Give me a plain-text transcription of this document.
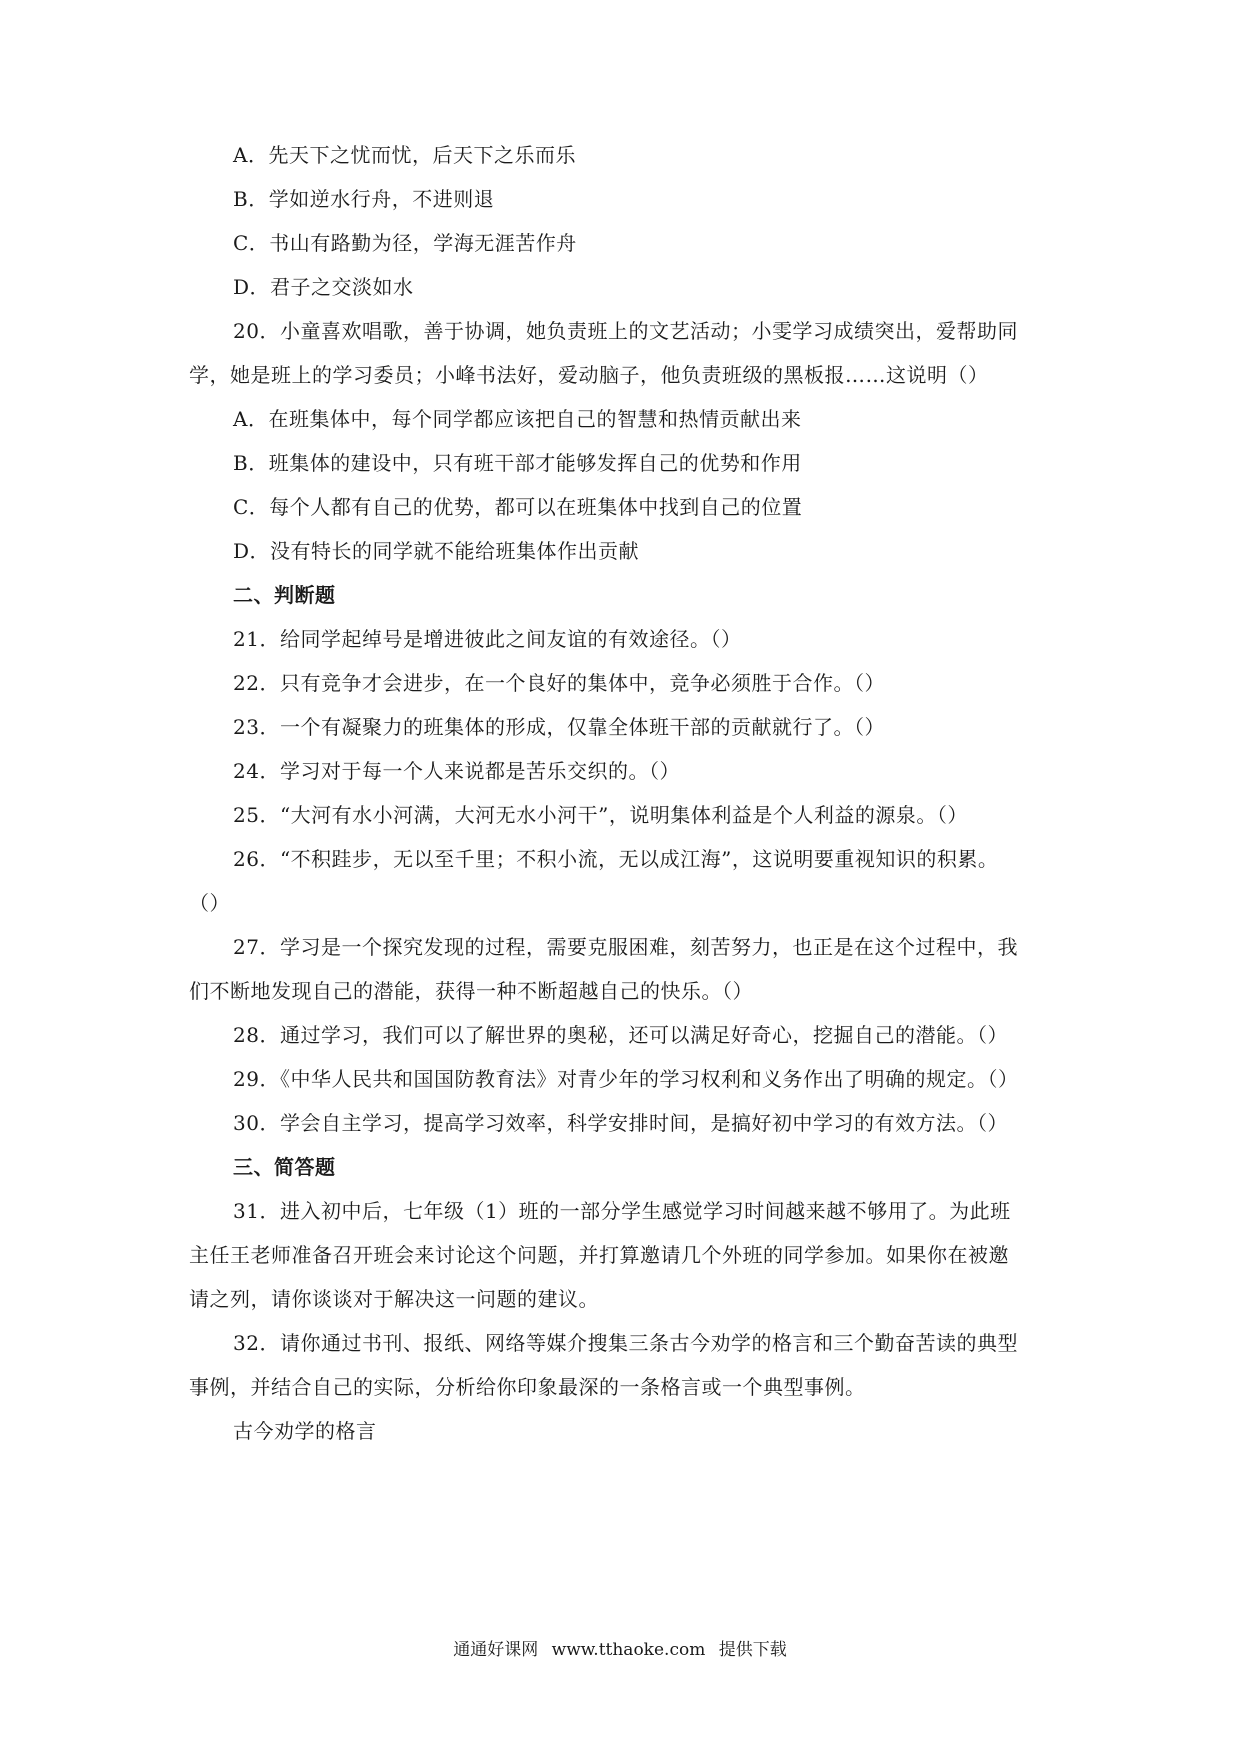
A．先天下之忧而忧，后天下之乐而乐
B．学如逆水行舟，不进则退
C．书山有路勤为径，学海无涯苦作舟
D．君子之交淡如水
20．小童喜欢唱歌，善于协调，她负责班上的文艺活动；小雯学习成绩突出，爱帮助同
学，她是班上的学习委员；小峰书法好，爱动脑子，他负责班级的黑板报……这说明（）
A．在班集体中，每个同学都应该把自己的智慧和热情贡献出来
B．班集体的建设中，只有班干部才能够发挥自己的优势和作用
C．每个人都有自己的优势，都可以在班集体中找到自己的位置
D．没有特长的同学就不能给班集体作出贡献
二、判断题
21．给同学起绰号是增进彼此之间友谊的有效途径。（）
22．只有竞争才会进步，在一个良好的集体中，竞争必须胜于合作。（）
23．一个有凝聚力的班集体的形成，仅靠全体班干部的贡献就行了。（）
24．学习对于每一个人来说都是苦乐交织的。（）
25．“大河有水小河满，大河无水小河干”，说明集体利益是个人利益的源泉。（）
26．“不积跬步，无以至千里；不积小流，无以成江海”，这说明要重视知识的积累。
（）
27．学习是一个探究发现的过程，需要克服困难，刻苦努力，也正是在这个过程中，我
们不断地发现自己的潜能，获得一种不断超越自己的快乐。（）
28．通过学习，我们可以了解世界的奥秘，还可以满足好奇心，挖掘自己的潜能。（）
29．《中华人民共和国国防教育法》对青少年的学习权利和义务作出了明确的规定。（）
30．学会自主学习，提高学习效率，科学安排时间，是搞好初中学习的有效方法。（）
三、简答题
31．进入初中后，七年级（1）班的一部分学生感觉学习时间越来越不够用了。为此班
主任王老师准备召开班会来讨论这个问题，并打算邀请几个外班的同学参加。如果你在被邀
请之列，请你谈谈对于解决这一问题的建议。
32．请你通过书刊、报纸、网络等媒介搜集三条古今劝学的格言和三个勤奋苦读的典型
事例，并结合自己的实际，分析给你印象最深的一条格言或一个典型事例。
古今劝学的格言
通通好课网 www.tthaoke.com 提供下载
